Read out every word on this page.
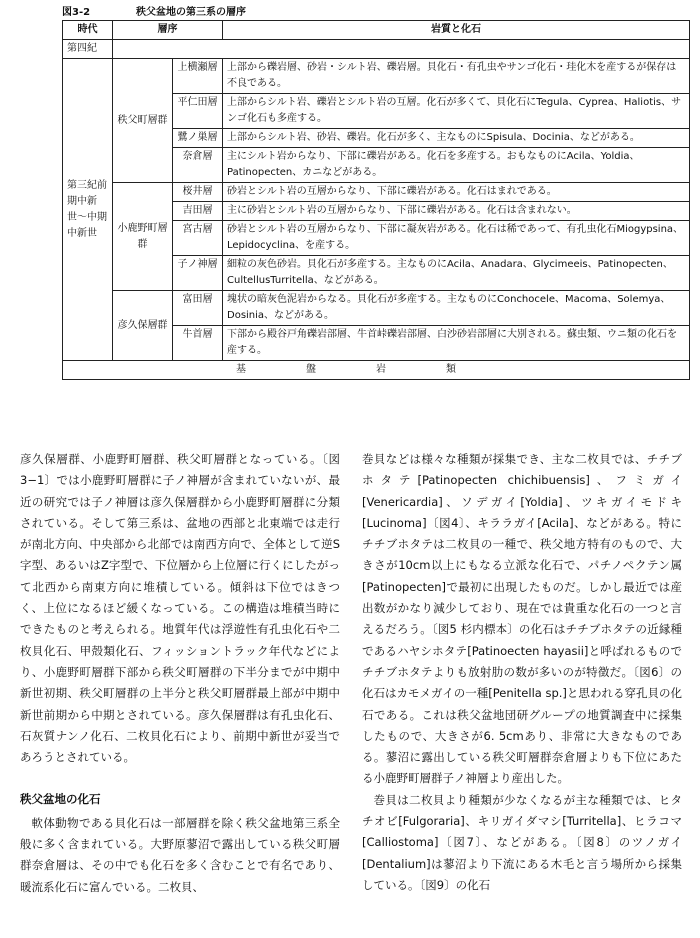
図3-2	秩父盆地の第三系の層序
時代	層序		岩質と化石
第四紀			
第三紀前期中新世〜中期中新世	秩父町層群	上横瀬層	上部から礫岩層、砂岩・シルト岩、礫岩層。貝化石・有孔虫やサンゴ化石・珪化木を産するが保存は不良である。
		平仁田層	上部からシルト岩、礫岩とシルト岩の互層。化石が多くて、貝化石にTegula、Cyprea、Haliotis、サンゴ化石も多産する。
		鷺ノ巣層	上部からシルト岩、砂岩、礫岩。化石が多く、主なものにSpisula、Docinia、などがある。
		奈倉層	主にシルト岩からなり、下部に礫岩がある。化石を多産する。おもなものにAcila、Yoldia、Patinopecten、カニなどがある。
	小鹿野町層群	桜井層	砂岩とシルト岩の互層からなり、下部に礫岩がある。化石はまれである。
		吉田層	主に砂岩とシルト岩の互層からなり、下部に礫岩がある。化石は含まれない。
		宮古層	砂岩とシルト岩の互層からなり、下部に凝灰岩がある。化石は稀であって、有孔虫化石Miogypsina、Lepidocyclina、を産する。
		子ノ神層	細粒の灰色砂岩。貝化石が多産する。主なものにAcila、Anadara、Glycimeeis、Patinopecten、CultellusTurritella、などがある。
	彦久保層群	富田層	塊状の暗灰色泥岩からなる。貝化石が多産する。主なものにConchocele、Macoma、Solemya、Dosinia、などがある。
		牛首層	下部から殿谷戸角礫岩部層、牛首峠礫岩部層、白沙砂岩部層に大別される。蘇虫類、ウニ類の化石を産する。
基盤岩類			

彦久保層群、小鹿野町層群、秩父町層群となっている。〔図3−1〕では小鹿野町層群に子ノ神層が含まれていないが、最近の研究では子ノ神層は彦久保層群から小鹿野町層群に分類されている。そして第三系は、盆地の西部と北東端では走行が南北方向、中央部から北部では南西方向で、全体として逆S字型、あるいはZ字型で、下位層から上位層に行くにしたがって北西から南東方向に堆積している。傾斜は下位ではきつく、上位になるほど緩くなっている。この構造は堆積当時にできたものと考えられる。地質年代は浮遊性有孔虫化石や二枚貝化石、甲殻類化石、フィッショントラック年代などにより、小鹿野町層群下部から秩父町層群の下半分までが中期中新世初期、秩父町層群の上半分と秩父町層群最上部が中期中新世前期から中期とされている。彦久保層群は有孔虫化石、石灰質ナンノ化石、二枚貝化石により、前期中新世が妥当であろうとされている。

秩父盆地の化石

軟体動物である貝化石は一部層群を除く秩父盆地第三系全般に多く含まれている。大野原蓼沼で露出している秩父町層群奈倉層は、その中でも化石を多く含むことで有名であり、暖流系化石に富んでいる。二枚貝、

巻貝などは様々な種類が採集でき、主な二枚貝では、チチブホタテ[Patinopecten chichibuensis]、フミガイ[Venericardia]、ソデガイ[Yoldia]、ツキガイモドキ[Lucinoma]〔図4〕、キララガイ[Acila]、などがある。特にチチブホタテは二枚貝の一種で、秩父地方特有のもので、大きさが10cm以上にもなる立派な化石で、パチノペクテン属[Patinopecten]で最初に出現したものだ。しかし最近では産出数がかなり減少しており、現在では貴重な化石の一つと言えるだろう。〔図5 杉内標本〕の化石はチチブホタテの近縁種であるハヤシホタテ[Patinoecten hayasii]と呼ばれるものでチチブホタテよりも放射肋の数が多いのが特徴だ。〔図6〕の化石はカモメガイの一種[Penitella sp.]と思われる穿孔貝の化石である。これは秩父盆地団研グループの地質調査中に採集したもので、大きさが6. 5cmあり、非常に大きなものである。蓼沼に露出している秩父町層群奈倉層よりも下位にあたる小鹿野町層群子ノ神層より産出した。

巻貝は二枚貝より種類が少なくなるが主な種類では、ヒタチオビ[Fulgoraria]、キリガイダマシ[Turritella]、ヒラコマ[Calliostoma]〔図7〕、などがある。〔図8〕のツノガイ[Dentalium]は蓼沼より下流にある木毛と言う場所から採集している。〔図9〕の化石
